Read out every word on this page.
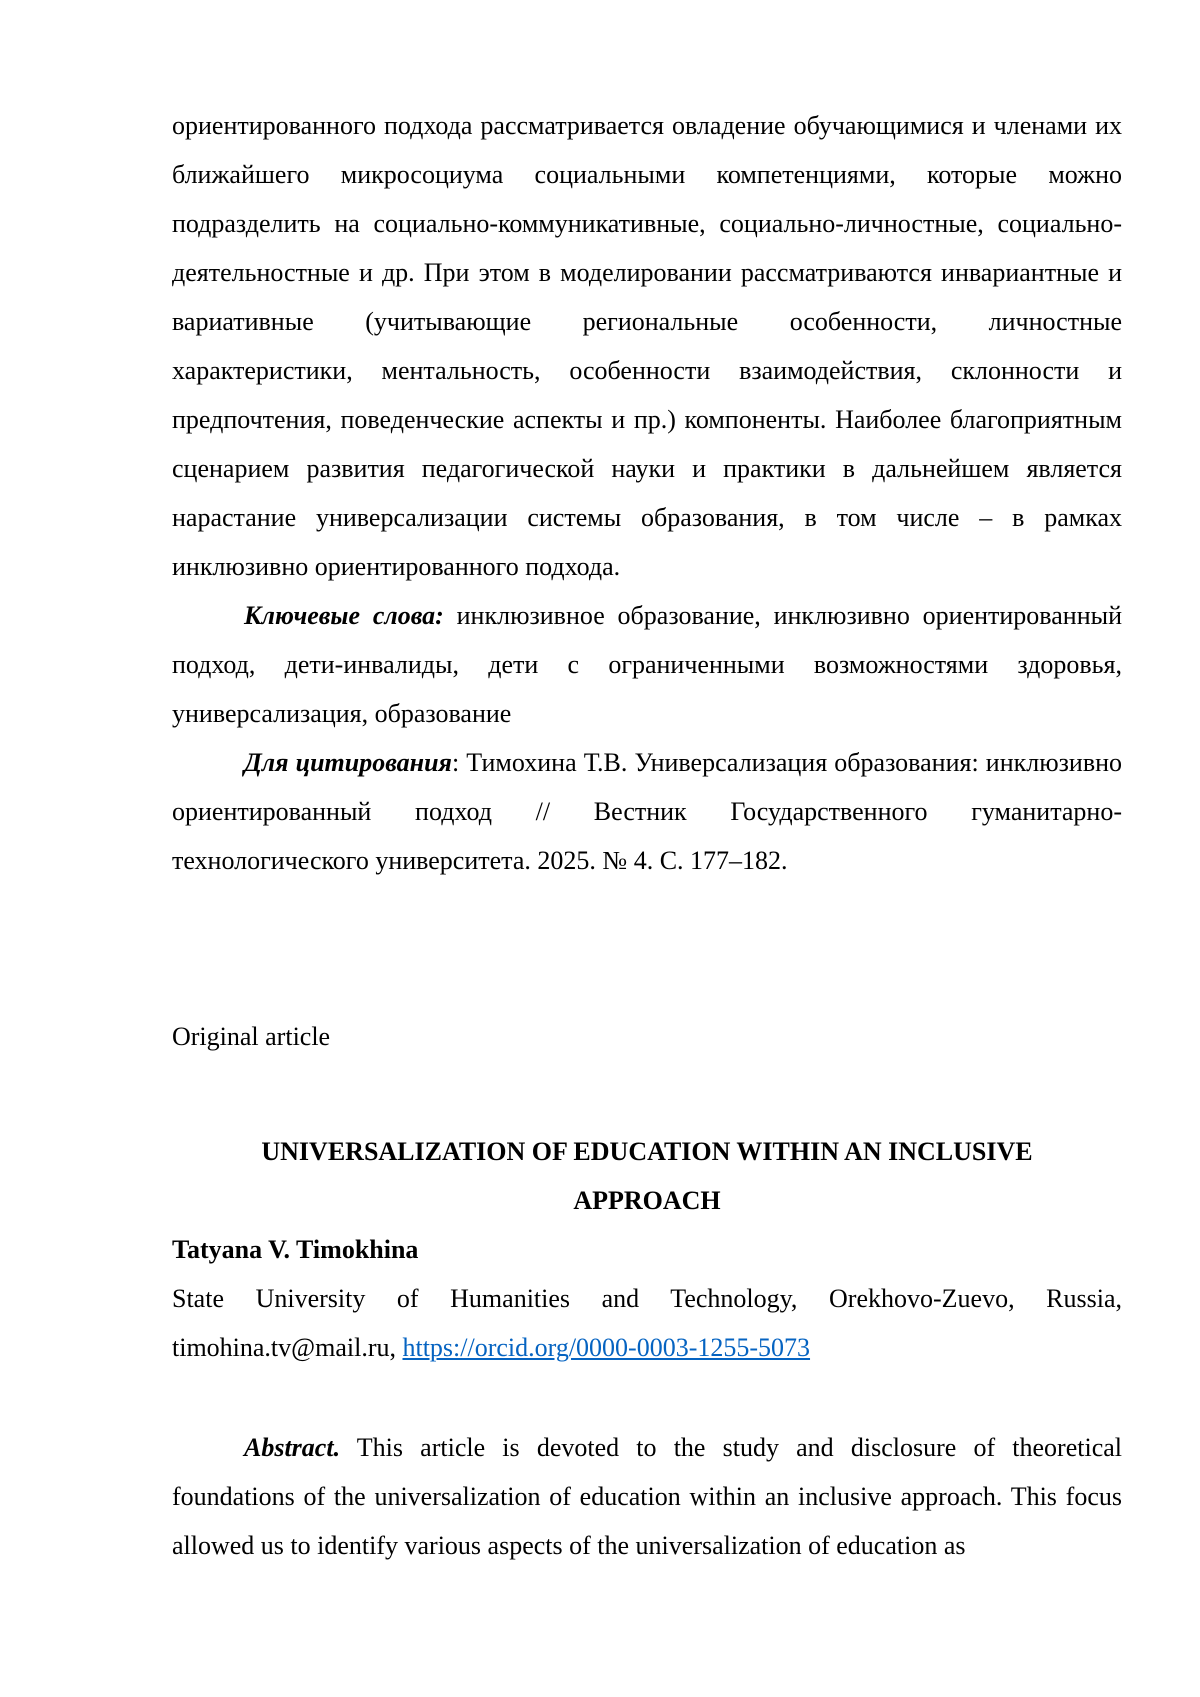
ориентированного подхода рассматривается овладение обучающимися и членами их ближайшего микросоциума социальными компетенциями, которые можно подразделить на социально-коммуникативные, социально-личностные, социально-деятельностные и др. При этом в моделировании рассматриваются инвариантные и вариативные (учитывающие региональные особенности, личностные характеристики, ментальность, особенности взаимодействия, склонности и предпочтения, поведенческие аспекты и пр.) компоненты. Наиболее благоприятным сценарием развития педагогической науки и практики в дальнейшем является нарастание универсализации системы образования, в том числе – в рамках инклюзивно ориентированного подхода.

Ключевые слова: инклюзивное образование, инклюзивно ориентированный подход, дети-инвалиды, дети с ограниченными возможностями здоровья, универсализация, образование

Для цитирования: Тимохина Т.В. Универсализация образования: инклюзивно ориентированный подход // Вестник Государственного гуманитарно-технологического университета. 2025. № 4. С. 177–182.

Original article

UNIVERSALIZATION OF EDUCATION WITHIN AN INCLUSIVE APPROACH

Tatyana V. Timokhina

State University of Humanities and Technology, Orekhovo-Zuevo, Russia, timohina.tv@mail.ru, https://orcid.org/0000-0003-1255-5073

Abstract. This article is devoted to the study and disclosure of theoretical foundations of the universalization of education within an inclusive approach. This focus allowed us to identify various aspects of the universalization of education as
